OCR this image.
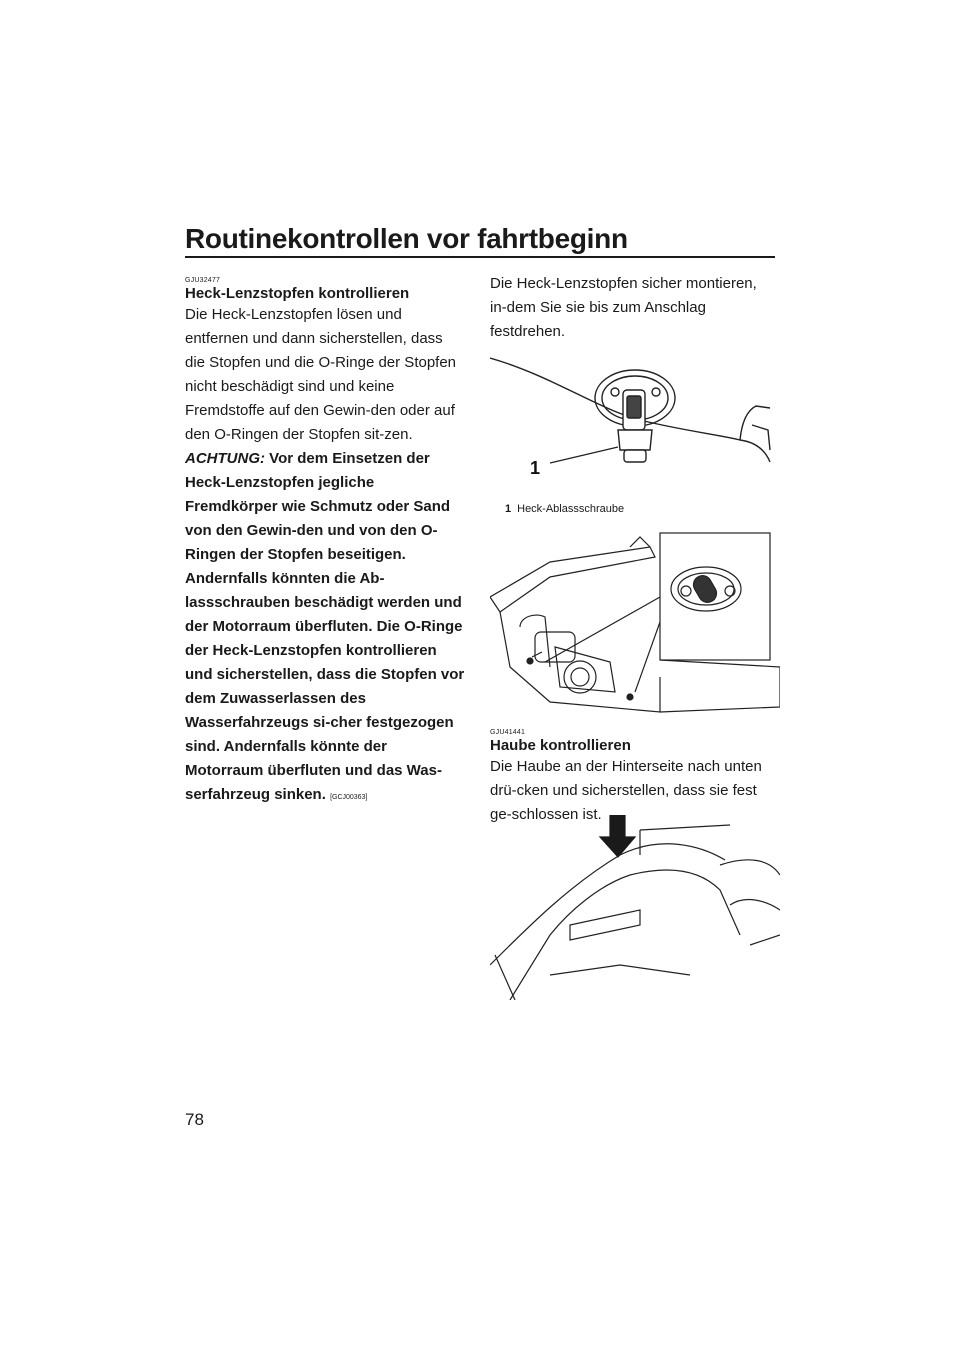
Routinekontrollen vor fahrtbeginn
GJU32477
Heck-Lenzstopfen kontrollieren

Die Heck-Lenzstopfen lösen und entfernen und dann sicherstellen, dass die Stopfen und die O-Ringe der Stopfen nicht beschädigt sind und keine Fremdstoffe auf den Gewin-den oder auf den O-Ringen der Stopfen sit-zen. ACHTUNG: Vor dem Einsetzen der Heck-Lenzstopfen jegliche Fremdkörper wie Schmutz oder Sand von den Gewin-den und von den O-Ringen der Stopfen beseitigen. Andernfalls könnten die Ab-lassschrauben beschädigt werden und der Motorraum überfluten. Die O-Ringe der Heck-Lenzstopfen kontrollieren und sicherstellen, dass die Stopfen vor dem Zuwasserlassen des Wasserfahrzeugs si-cher festgezogen sind. Andernfalls könnte der Motorraum überfluten und das Was-serfahrzeug sinken. [GCJ00363]

Die Heck-Lenzstopfen sicher montieren, in-dem Sie sie bis zum Anschlag festdrehen.

1
1 Heck-Ablassschraube
GJU41441
Haube kontrollieren

Die Haube an der Hinterseite nach unten drü-cken und sicherstellen, dass sie fest ge-schlossen ist.

78
